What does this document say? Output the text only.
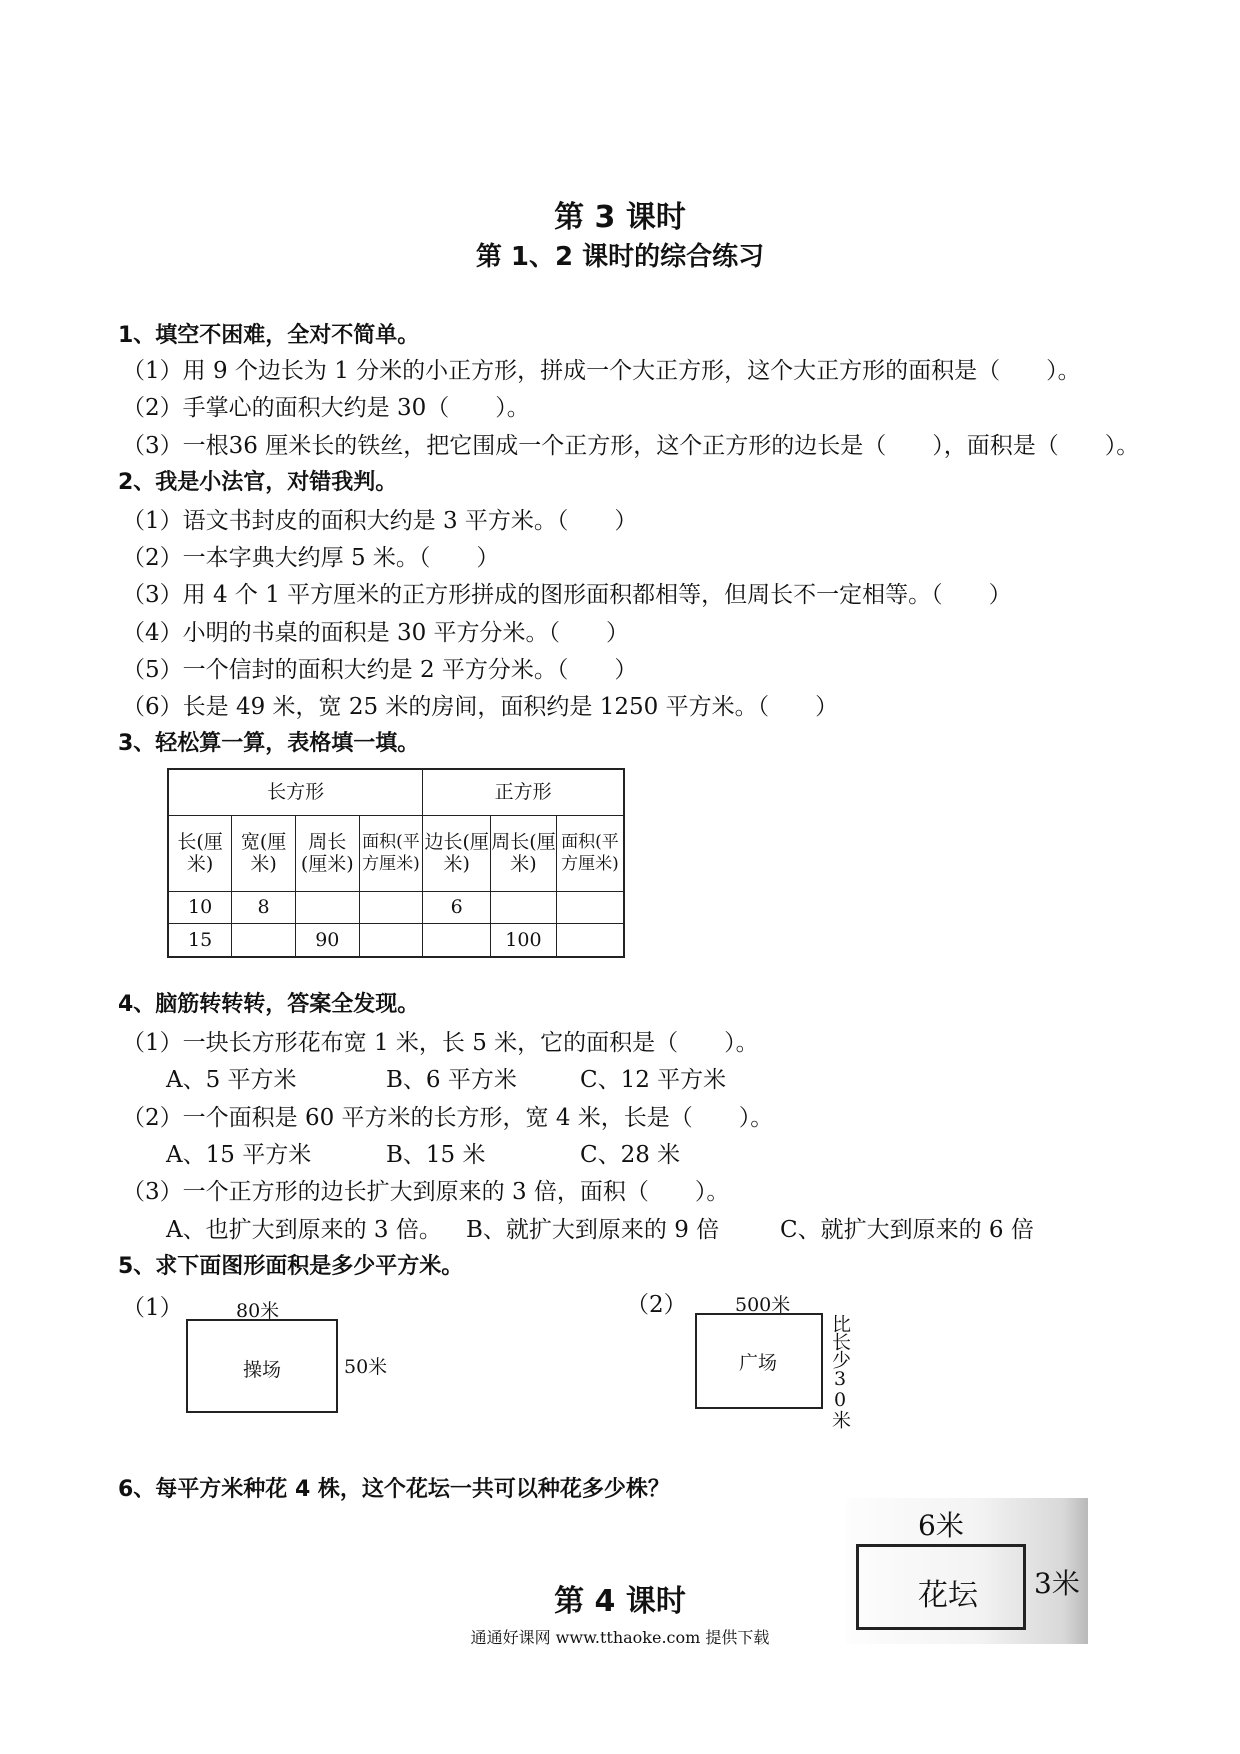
第 3 课时
第 1、2 课时的综合练习
1、填空不困难，全对不简单。
（1）用 9 个边长为 1 分米的小正方形，拼成一个大正方形，这个大正方形的面积是（　　）。
（2）手掌心的面积大约是 30（　　）。
（3）一根36 厘米长的铁丝，把它围成一个正方形，这个正方形的边长是（　　），面积是（　　）。
2、我是小法官，对错我判。
（1）语文书封皮的面积大约是 3 平方米。（　　）
（2）一本字典大约厚 5 米。（　　）
（3）用 4 个 1 平方厘米的正方形拼成的图形面积都相等，但周长不一定相等。（　　）
（4）小明的书桌的面积是 30 平方分米。（　　）
（5）一个信封的面积大约是 2 平方分米。（　　）
（6）长是 49 米，宽 25 米的房间，面积约是 1250 平方米。（　　）
3、轻松算一算，表格填一填。
长方形				正方形		
长(厘米)	宽(厘米)	周长(厘米)	面积(平方厘米)	边长(厘米)	周长(厘米)	面积(平方厘米)
10	8			6		
15		90			100	
4、脑筋转转转，答案全发现。
（1）一块长方形花布宽 1 米，长 5 米，它的面积是（　　）。
A、5 平方米	B、6 平方米	C、12 平方米
（2）一个面积是 60 平方米的长方形，宽 4 米，长是（　　）。
A、15 平方米	B、15 米	C、28 米
（3）一个正方形的边长扩大到原来的 3 倍，面积（　　）。
A、也扩大到原来的 3 倍。 B、就扩大到原来的 9 倍	C、就扩大到原来的 6 倍
5、求下面图形面积是多少平方米。
（1）	80米
操场	50米
（2）	500米
广场	比长少30米
6、每平方米种花 4 株，这个花坛一共可以种花多少株？
6米
花坛 3米
第 4 课时
通通好课网 www.tthaoke.com 提供下载
